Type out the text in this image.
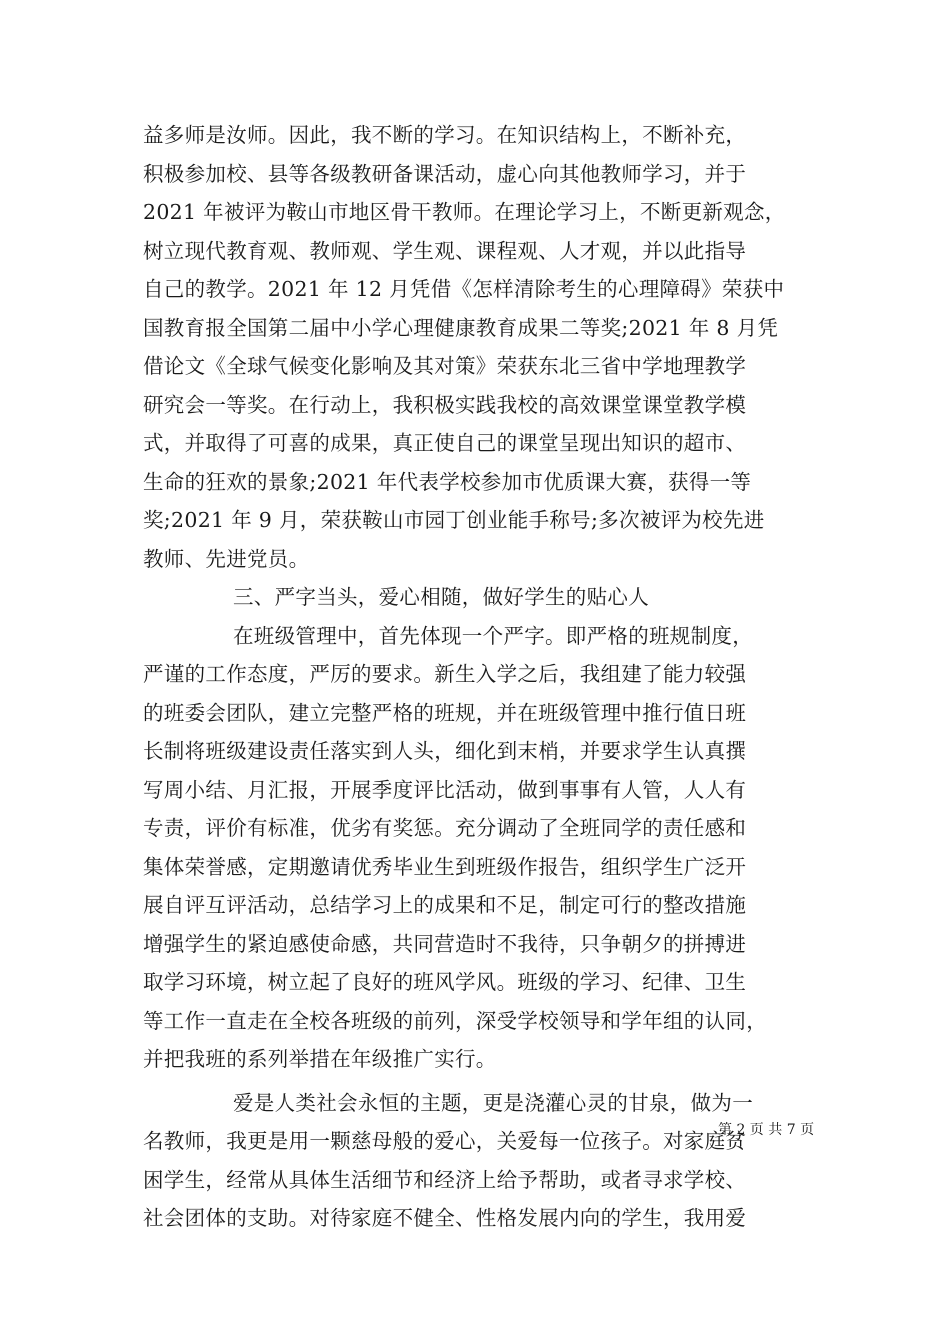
益多师是汝师。因此，我不断的学习。在知识结构上，不断补充，
积极参加校、县等各级教研备课活动，虚心向其他教师学习，并于
2021 年被评为鞍山市地区骨干教师。在理论学习上，不断更新观念，
树立现代教育观、教师观、学生观、课程观、人才观，并以此指导
自己的教学。2021 年 12 月凭借《怎样清除考生的心理障碍》荣获中
国教育报全国第二届中小学心理健康教育成果二等奖;2021 年 8 月凭
借论文《全球气候变化影响及其对策》荣获东北三省中学地理教学
研究会一等奖。在行动上，我积极实践我校的高效课堂课堂教学模
式，并取得了可喜的成果，真正使自己的课堂呈现出知识的超市、
生命的狂欢的景象;2021 年代表学校参加市优质课大赛，获得一等
奖;2021 年 9 月，荣获鞍山市园丁创业能手称号;多次被评为校先进
教师、先进党员。
三、严字当头，爱心相随，做好学生的贴心人
在班级管理中，首先体现一个严字。即严格的班规制度，
严谨的工作态度，严厉的要求。新生入学之后，我组建了能力较强
的班委会团队，建立完整严格的班规，并在班级管理中推行值日班
长制将班级建设责任落实到人头，细化到末梢，并要求学生认真撰
写周小结、月汇报，开展季度评比活动，做到事事有人管，人人有
专责，评价有标准，优劣有奖惩。充分调动了全班同学的责任感和
集体荣誉感，定期邀请优秀毕业生到班级作报告，组织学生广泛开
展自评互评活动，总结学习上的成果和不足，制定可行的整改措施
增强学生的紧迫感使命感，共同营造时不我待，只争朝夕的拼搏进
取学习环境，树立起了良好的班风学风。班级的学习、纪律、卫生
等工作一直走在全校各班级的前列，深受学校领导和学年组的认同，
并把我班的系列举措在年级推广实行。
爱是人类社会永恒的主题，更是浇灌心灵的甘泉，做为一
名教师，我更是用一颗慈母般的爱心，关爱每一位孩子。对家庭贫
困学生，经常从具体生活细节和经济上给予帮助，或者寻求学校、
社会团体的支助。对待家庭不健全、性格发展内向的学生，我用爱
第 2 页 共 7 页
